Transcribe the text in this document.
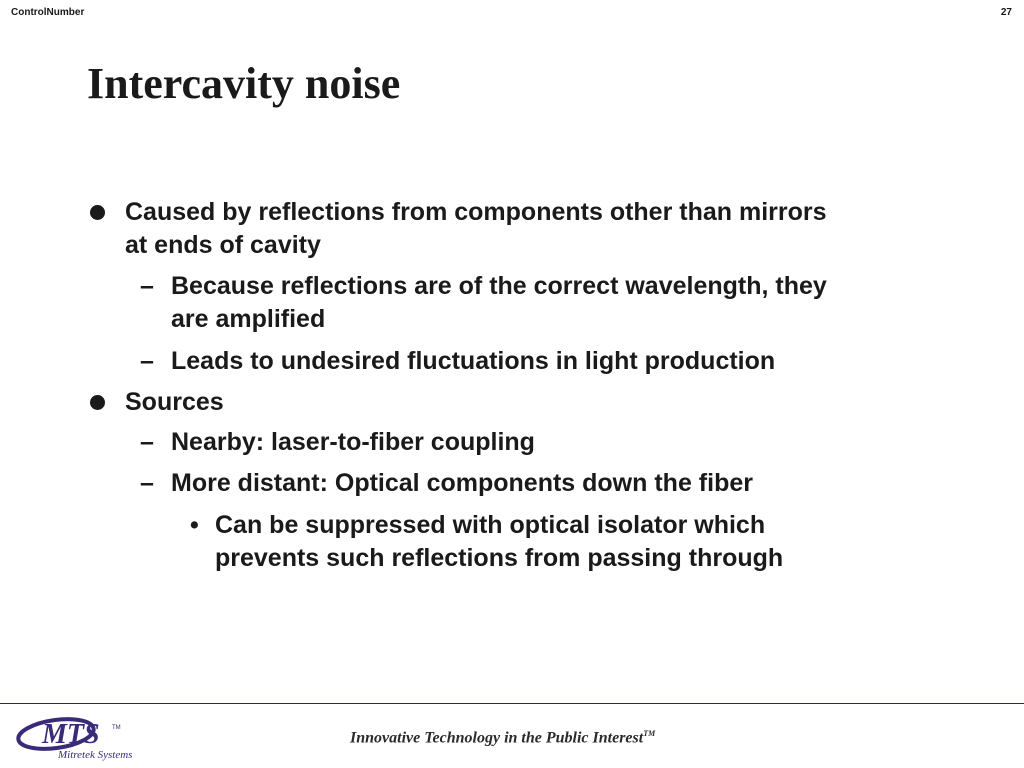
ControlNumber	27
Intercavity noise
Caused by reflections from components other than mirrors
at ends of cavity
– Because reflections are of the correct wavelength, they
are amplified
– Leads to undesired fluctuations in light production
Sources
– Nearby: laser-to-fiber coupling
– More distant: Optical components down the fiber
• Can be suppressed with optical isolator which
prevents such reflections from passing through
MTS TM
Mitretek Systems
Innovative Technology in the Public Interest™
